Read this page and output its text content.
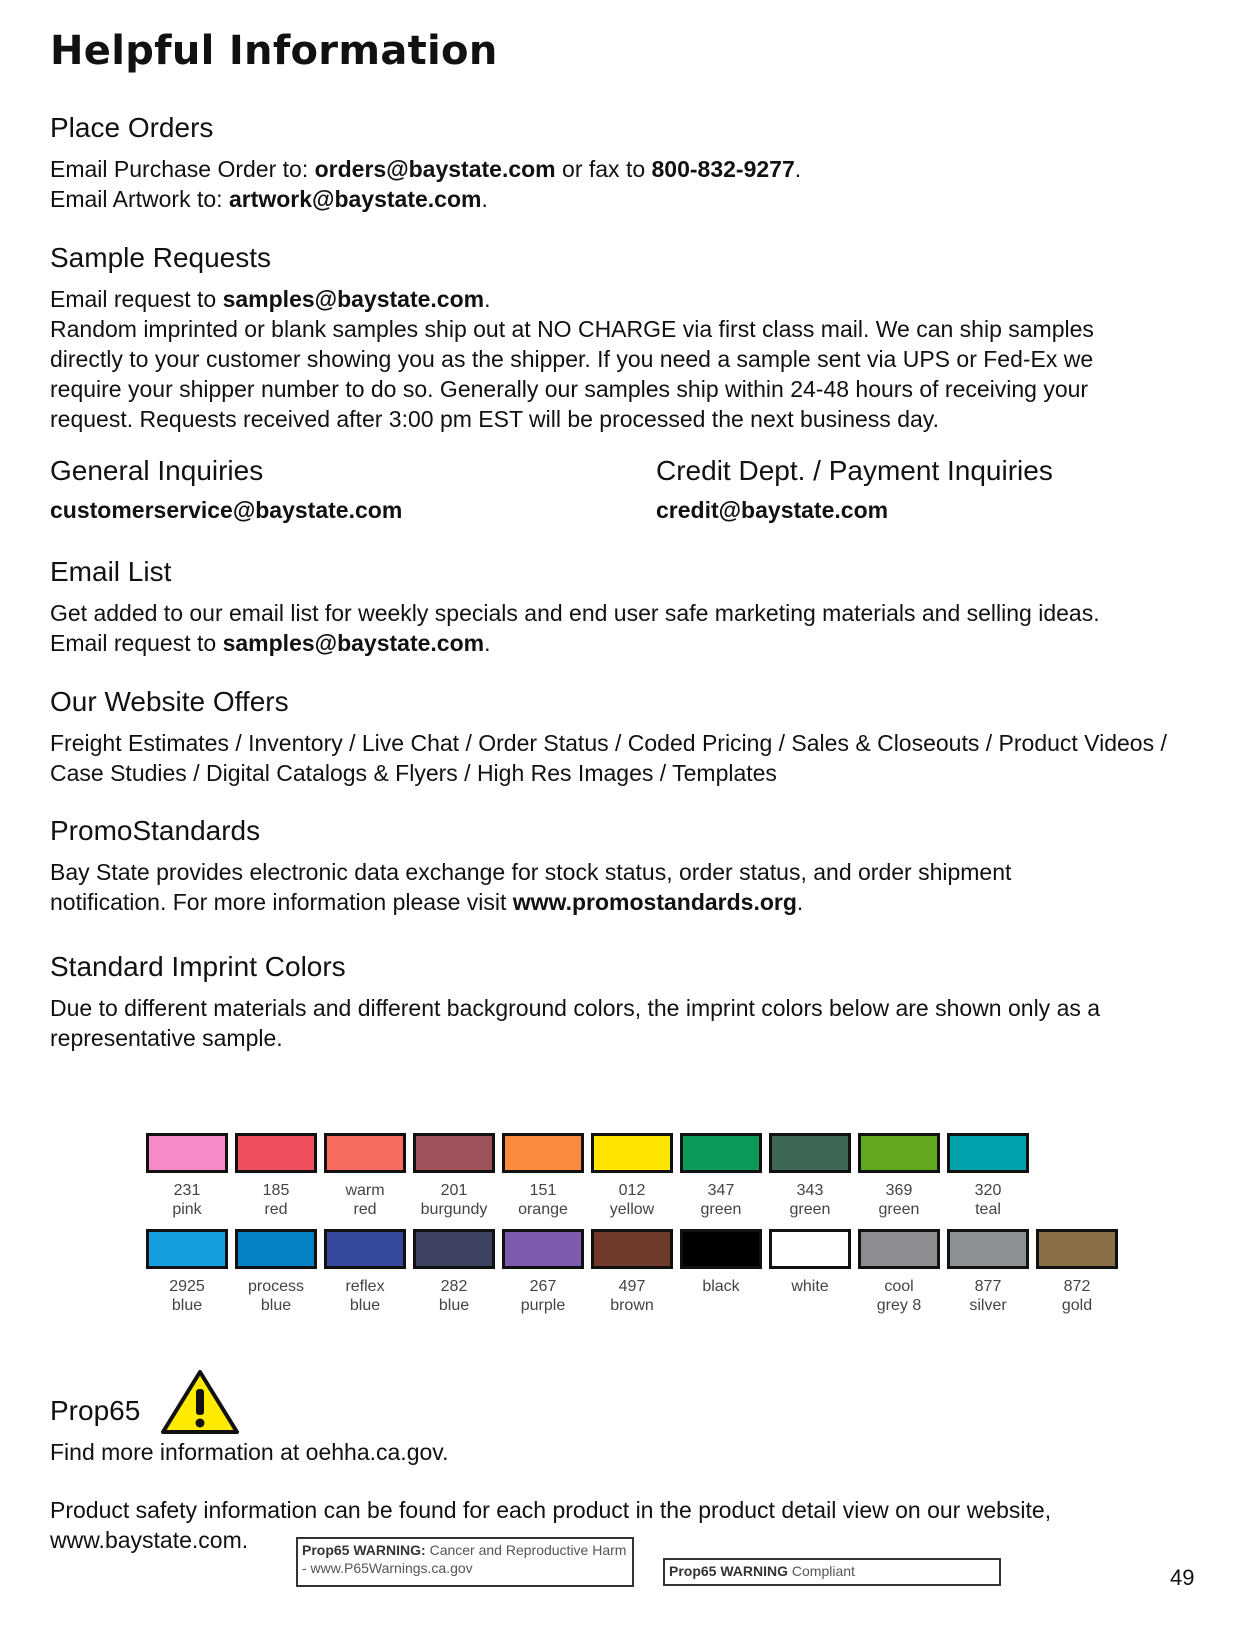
Helpful Information
Place Orders

Email Purchase Order to: orders@baystate.com or fax to 800-832-9277.

Email Artwork to: artwork@baystate.com.

Sample Requests

Email request to samples@baystate.com.

Random imprinted or blank samples ship out at NO CHARGE via first class mail. We can ship samples directly to your customer showing you as the shipper. If you need a sample sent via UPS or Fed-Ex we require your shipper number to do so. Generally our samples ship within 24-48 hours of receiving your request. Requests received after 3:00 pm EST will be processed the next business day.

General Inquiries
customerservice@baystate.com
Credit Dept. / Payment Inquiries
credit@baystate.com
Email List

Get added to our email list for weekly specials and end user safe marketing materials and selling ideas. Email request to samples@baystate.com.

Our Website Offers

Freight Estimates / Inventory / Live Chat / Order Status / Coded Pricing / Sales & Closeouts / Product Videos / Case Studies / Digital Catalogs & Flyers / High Res Images / Templates

PromoStandards

Bay State provides electronic data exchange for stock status, order status, and order shipment notification. For more information please visit www.promostandards.org.

Standard Imprint Colors

Due to different materials and different background colors, the imprint colors below are shown only as a representative sample.

231
pink
185
red
warm
red
201
burgundy
151
orange
012
yellow
347
green
343
green
369
green
320
teal
2925
blue
process
blue
reflex
blue
282
blue
267
purple
497
brown
black	white	cool
grey 8
877
silver
872
gold
Prop65

Find more information at oehha.ca.gov.

Product safety information can be found for each product in the product detail view on our website, www.baystate.com.	Prop65 WARNING: Cancer and Reproductive Harm - www.P65Warnings.ca.gov	Prop65 WARNING Compliant	49
